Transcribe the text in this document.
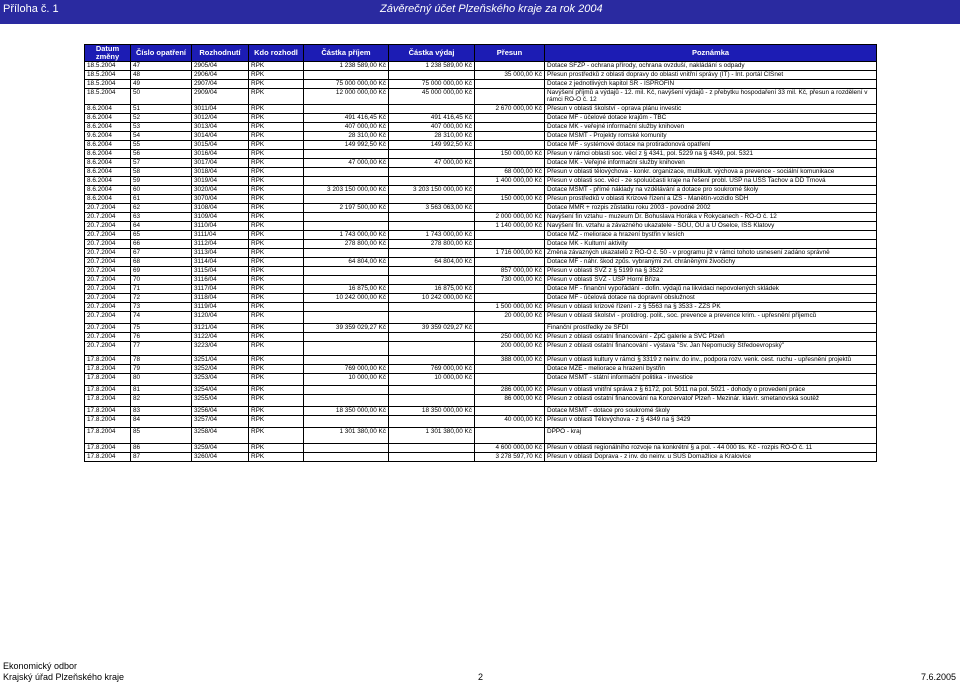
Příloha č. 1	Závěrečný účet Plzeňského kraje za rok 2004
Datum změny	Číslo opatření	Rozhodnutí	Kdo rozhodl	Částka příjem	Částka výdaj	Přesun	Poznámka
18.5.2004	47	2905/04	RPK	1 238 589,00 Kč	1 238 589,00 Kč		Dotace SFŽP - ochrana přírody, ochrana ovzduší, nakládání s odpady
18.5.2004	48	2906/04	RPK			35 000,00 Kč	Přesun prostředků z oblasti dopravy do oblasti vnitřní správy (IT) - Int. portál CISnet
18.5.2004	49	2907/04	RPK	75 000 000,00 Kč	75 000 000,00 Kč		Dotace z jednotlivých kapitol SR - ISPROFIN
18.5.2004	50	2909/04	RPK	12 000 000,00 Kč	45 000 000,00 Kč		Navýšení příjmů a výdajů - 12. mil. Kč, navýšení výdajů - z přebytku hospodaření 33 mil. Kč, přesun a rozdělení v rámci RO-O č. 12
8.6.2004	51	3011/04	RPK			2 670 000,00 Kč	Přesun v oblasti školství - oprava plánu investic
8.6.2004	52	3012/04	RPK	491 416,45 Kč	491 416,45 Kč		Dotace MF - účelové dotace krajům - TBC
8.6.2004	53	3013/04	RPK	407 000,00 Kč	407 000,00 Kč		Dotace MK - veřejné informační služby knihoven
9.6.2004	54	3014/04	RPK	28 310,00 Kč	28 310,00 Kč		Dotace MŠMT - Projekty romské komunity
8.6.2004	55	3015/04	RPK	149 992,50 Kč	149 992,50 Kč		Dotace MF - systémové dotace na protiradonová opatření
8.6.2004	56	3016/04	RPK			150 000,00 Kč	Přesun v rámci oblasti soc. věcí z § 4341, pol. 5229 na § 4349, pol. 5321
8.6.2004	57	3017/04	RPK	47 000,00 Kč	47 000,00 Kč		Dotace MK - Veřejné informační služby knihoven
8.6.2004	58	3018/04	RPK			68 000,00 Kč	Přesun v oblasti tělovýchova - konkr. organizace, multikult. výchova a prevence - sociální komunikace
8.6.2004	59	3019/04	RPK			1 400 000,00 Kč	Přesun v oblasti soc. věcí - ze spoluúčasti kraje na řešení probl. ÚSP na ÚSS Tachov a DD Trnová
8.6.2004	60	3020/04	RPK	3 203 150 000,00 Kč	3 203 150 000,00 Kč		Dotace MŠMT - přímé náklady na vzdělávání a dotace pro soukromé školy
8.6.2004	61	3070/04	RPK			150 000,00 Kč	Přesun prostředků v oblasti Krizové řízení a IZS - Manětín-vozidlo SDH
20.7.2004	62	3108/04	RPK	2 197 500,00 Kč	3 563 063,00 Kč		Dotace MMR + rozpis zůstatku roku 2003 - povodně 2002
20.7.2004	63	3109/04	RPK			2 000 000,00 Kč	Navýšení fin vztahu - muzeum Dr. Bohuslava Horáka v Rokycanech - RO-O č. 12
20.7.2004	64	3110/04	RPK			1 140 000,00 Kč	Navýšení fin. vztahu a závazného ukazatele - SOU, OU a U Oselce, ISŠ Klatovy
20.7.2004	65	3111/04	RPK	1 743 000,00 Kč	1 743 000,00 Kč		Dotace MZ - meliorace a hrazení bystřin v lesích
20.7.2004	66	3112/04	RPK	278 800,00 Kč	278 800,00 Kč		Dotace MK - Kulturní aktivity
20.7.2004	67	3113/04	RPK			1 716 000,00 Kč	Změna závazných ukazatelů z RO-O č. 50 - v programu již v rámci tohoto usnesení zadáno správně
20.7.2004	68	3114/04	RPK	64 804,00 Kč	64 804,00 Kč		Dotace MF - náhr. škod způs. vybranými zvl. chráněnými živočichy
20.7.2004	69	3115/04	RPK			857 000,00 Kč	Přesun v oblasti SVZ z § 5199 na § 3522
20.7.2004	70	3116/04	RPK			730 000,00 Kč	Přesun v oblasti SVZ - ÚSP Horní Bříza
20.7.2004	71	3117/04	RPK	16 875,00 Kč	16 875,00 Kč		Dotace MF - finanční vypořádání - dofin. výdajů na likvidaci nepovolených skládek
20.7.2004	72	3118/04	RPK	10 242 000,00 Kč	10 242 000,00 Kč		Dotace MF - účelová dotace na dopravní obslužnost
20.7.2004	73	3119/04	RPK			1 500 000,00 Kč	Přesun v oblasti krizové řízení - z § 5563 na § 3533 - ZZS PK
20.7.2004	74	3120/04	RPK			20 000,00 Kč	Přesun v oblasti školství - protidrog. polit., soc. prevence a prevence krim. - upřesnění příjemců
20.7.2004	75	3121/04	RPK	39 359 029,27 Kč	39 359 029,27 Kč		Finanční prostředky ze SFDI
20.7.2004	76	3122/04	RPK			250 000,00 Kč	Přesun z oblasti ostatní financování - ZpČ galerie a SVČ Plzeň
20.7.2004	77	3223/04	RPK			200 000,00 Kč	Přesun z oblasti ostatní financování - výstava "Sv. Jan Nepomucký Středoevropský"
17.8.2004	78	3251/04	RPK			388 000,00 Kč	Přesun v oblasti kultury v rámci § 3319 z neinv. do inv., podpora rozv. venk. cest. ruchu - upřesnění projektů
17.8.2004	79	3252/04	RPK	769 000,00 Kč	769 000,00 Kč		Dotace MZE - meliorace a hrazení bystřin
17.8.2004	80	3253/04	RPK	10 000,00 Kč	10 000,00 Kč		Dotace MŠMT - státní informační politika - investice
17.8.2004	81	3254/04	RPK			286 000,00 Kč	Přesun v oblasti vnitřní správa z § 6172, pol. 5011 na pol. 5021 - dohody o provedení práce
17.8.2004	82	3255/04	RPK			86 000,00 Kč	Přesun z oblasti ostatní financování na Konzervatoř Plzeň - Mezinár. klavír. smetanovská soutěž
17.8.2004	83	3256/04	RPK	18 350 000,00 Kč	18 350 000,00 Kč		Dotace MŠMT - dotace pro soukromé školy
17.8.2004	84	3257/04	RPK			40 000,00 Kč	Přesun v oblasti Tělovýchova - z § 4349 na § 3429
17.8.2004	85	3258/04	RPK	1 301 380,00 Kč	1 301 380,00 Kč		DPPO - kraj
17.8.2004	86	3259/04	RPK			4 600 000,00 Kč	Přesun v oblasti regionálního rozvoje na konkrétní § a pol. - 44 000 tis. Kč - rozpis RO-O č. 11
17.8.2004	87	3260/04	RPK			3 278 597,70 Kč	Přesun v oblasti Doprava - z inv. do neinv. u SÚS Domažlice a Kralovice
Ekonomický odbor
Krajský úřad Plzeňského kraje	2	7.6.2005
